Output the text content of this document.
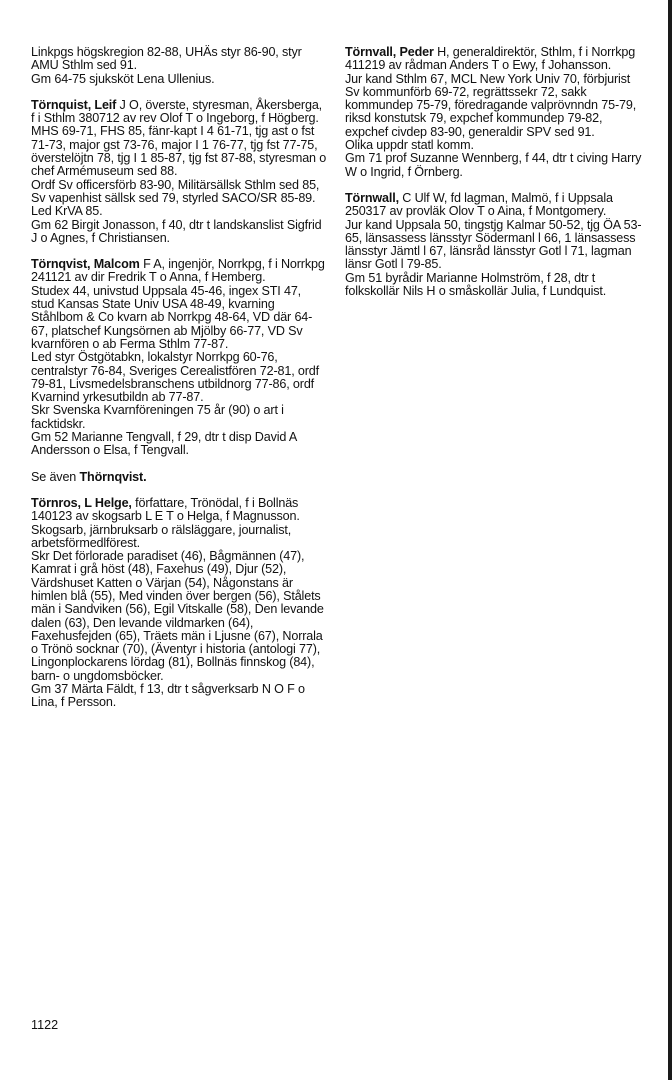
Linkpgs högskregion 82-88, UHÄs styr 86-90, styr AMU Sthlm sed 91.

Gm 64-75 sjuksköt Lena Ullenius.

Törnquist, Leif J O, överste, styresman, Åkersberga, f i Sthlm 380712 av rev Olof T o Ingeborg, f Högberg.

MHS 69-71, FHS 85, fänr-kapt I 4 61-71, tjg ast o fst 71-73, major gst 73-76, major I 1 76-77, tjg fst 77-75, överstelöjtn 78, tjg I 1 85-87, tjg fst 87-88, styresman o chef Armémuseum sed 88.

Ordf Sv officersförb 83-90, Militärsällsk Sthlm sed 85, Sv vapenhist sällsk sed 79, styrled SACO/SR 85-89.

Led KrVA 85.

Gm 62 Birgit Jonasson, f 40, dtr t landskanslist Sigfrid J o Agnes, f Christiansen.

Törnqvist, Malcom F A, ingenjör, Norrkpg, f i Norrkpg 241121 av dir Fredrik T o Anna, f Hemberg.

Studex 44, univstud Uppsala 45-46, ingex STI 47, stud Kansas State Univ USA 48-49, kvarning Ståhlbom & Co kvarn ab Norrkpg 48-64, VD där 64-67, platschef Kungsörnen ab Mjölby 66-77, VD Sv kvarnfören o ab Ferma Sthlm 77-87.

Led styr Östgötabkn, lokalstyr Norrkpg 60-76, centralstyr 76-84, Sveriges Cerealistfören 72-81, ordf 79-81, Livsmedelsbranschens utbildnorg 77-86, ordf Kvarnind yrkesutbildn ab 77-87.

Skr Svenska Kvarnföreningen 75 år (90) o art i facktidskr.

Gm 52 Marianne Tengvall, f 29, dtr t disp David A Andersson o Elsa, f Tengvall.

Se även Thörnqvist.

Törnros, L Helge, författare, Trönödal, f i Bollnäs 140123 av skogsarb L E T o Helga, f Magnusson.

Skogsarb, järnbruksarb o rälsläggare, journalist, arbetsförmedlförest.

Skr Det förlorade paradiset (46), Bågmännen (47), Kamrat i grå höst (48), Faxehus (49), Djur (52), Värdshuset Katten o Värjan (54), Någonstans är himlen blå (55), Med vinden över bergen (56), Stålets män i Sandviken (56), Egil Vitskalle (58), Den levande dalen (63), Den levande vildmarken (64), Faxehusfejden (65), Träets män i Ljusne (67), Norrala o Trönö socknar (70), (Äventyr i historia (antologi 77), Lingonplockarens lördag (81), Bollnäs finnskog (84), barn- o ungdomsböcker.

Gm 37 Märta Fäldt, f 13, dtr t sågverksarb N O F o Lina, f Persson.

Törnvall, Peder H, generaldirektör, Sthlm, f i Norrkpg 411219 av rådman Anders T o Ewy, f Johansson.

Jur kand Sthlm 67, MCL New York Univ 70, förbjurist Sv kommunförb 69-72, regrättssekr 72, sakk kommundep 75-79, föredragande valprövnndn 75-79, riksd konstutsk 79, expchef kommundep 79-82, expchef civdep 83-90, generaldir SPV sed 91.

Olika uppdr statl komm.

Gm 71 prof Suzanne Wennberg, f 44, dtr t civing Harry W o Ingrid, f Örnberg.

Törnwall, C Ulf W, fd lagman, Malmö, f i Uppsala 250317 av provläk Olov T o Aina, f Montgomery.

Jur kand Uppsala 50, tingstjg Kalmar 50-52, tjg ÖA 53-65, länsassess länsstyr Södermanl l 66, 1 länsassess länsstyr Jämtl l 67, länsråd länsstyr Gotl l 71, lagman länsr Gotl l 79-85.

Gm 51 byrådir Marianne Holmström, f 28, dtr t folkskollär Nils H o småskollär Julia, f Lundquist.

1122
